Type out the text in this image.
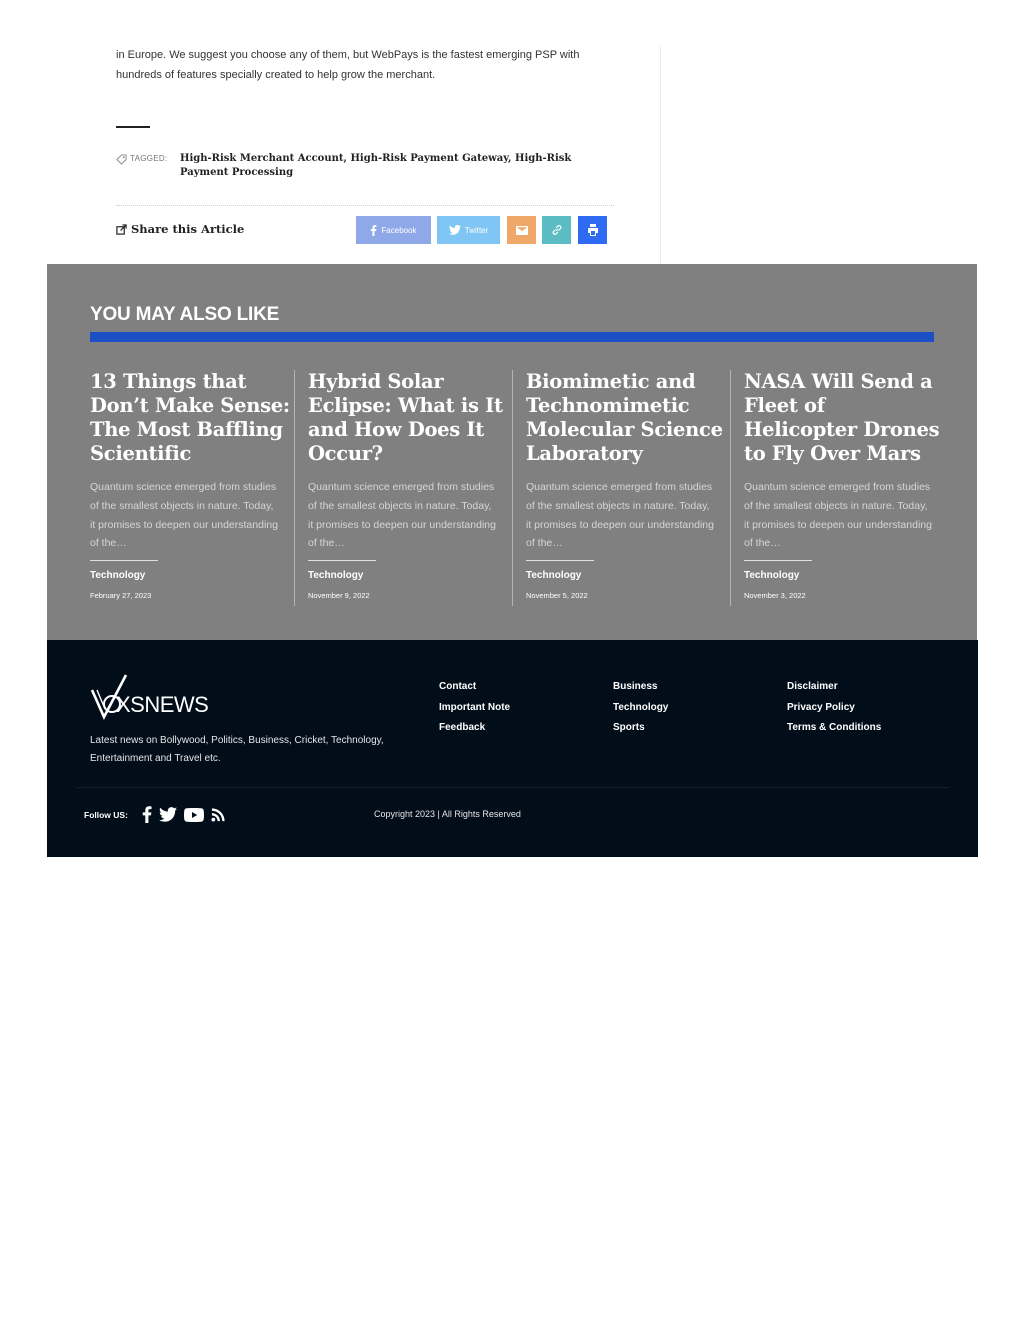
in Europe. We suggest you choose any of them, but WebPays is the fastest emerging PSP with hundreds of features specially created to help grow the merchant.

TAGGED:	High-Risk Merchant Account, High-Risk Payment Gateway, High-Risk Payment Processing
Share this Article	Facebook	Twitter
YOU MAY ALSO LIKE
13 Things that Don’t Make Sense: The Most Baffling Scientific
Quantum science emerged from studies of the smallest objects in nature. Today, it promises to deepen our understanding of the…
Technology
February 27, 2023
Hybrid Solar Eclipse: What is It and How Does It Occur?
Quantum science emerged from studies of the smallest objects in nature. Today, it promises to deepen our understanding of the…
Technology
November 9, 2022
Biomimetic and Technomimetic Molecular Science Laboratory
Quantum science emerged from studies of the smallest objects in nature. Today, it promises to deepen our understanding of the…
Technology
November 5, 2022
NASA Will Send a Fleet of Helicopter Drones to Fly Over Mars
Quantum science emerged from studies of the smallest objects in nature. Today, it promises to deepen our understanding of the…
Technology
November 3, 2022
XSNEWS
Latest news on Bollywood, Politics, Business, Cricket, Technology, Entertainment and Travel etc.
Contact
Important Note
Feedback
Business
Technology
Sports
Disclaimer
Privacy Policy
Terms & Conditions
Follow US:	Copyright 2023 | All Rights Reserved
